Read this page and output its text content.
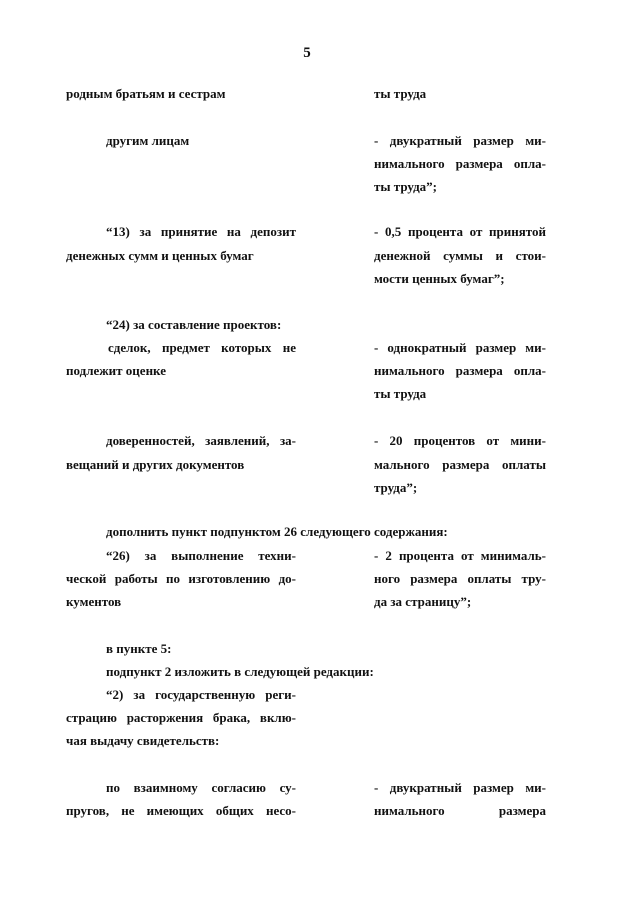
5

родным братьям и сестрам	ты труда

другим лицам	- двукратный размер ми-

нимального размера опла-

ты труда”;

“13) за принятие на депозит

денежных сумм и ценных бумаг

- 0,5 процента от принятой

денежной суммы и стои-

мости ценных бумаг”;

“24) за составление проектов:

сделок, предмет которых не

подлежит оценке

- однократный размер ми-

нимального размера опла-

ты труда

доверенностей, заявлений, за-

вещаний и других документов

- 20 процентов от мини-

мального размера оплаты

труда”;

дополнить пункт подпунктом 26 следующего содержания:

“26) за выполнение техни-

ческой работы по изготовлению до-

кументов

- 2 процента от минималь-

ного размера оплаты тру-

да за страницу”;

в пункте 5:

подпункт 2 изложить в следующей редакции:

“2) за государственную реги-

страцию расторжения брака, вклю-

чая выдачу свидетельств:

по взаимному согласию су-

пругов, не имеющих общих несо-

- двукратный размер ми-

нимального размера
